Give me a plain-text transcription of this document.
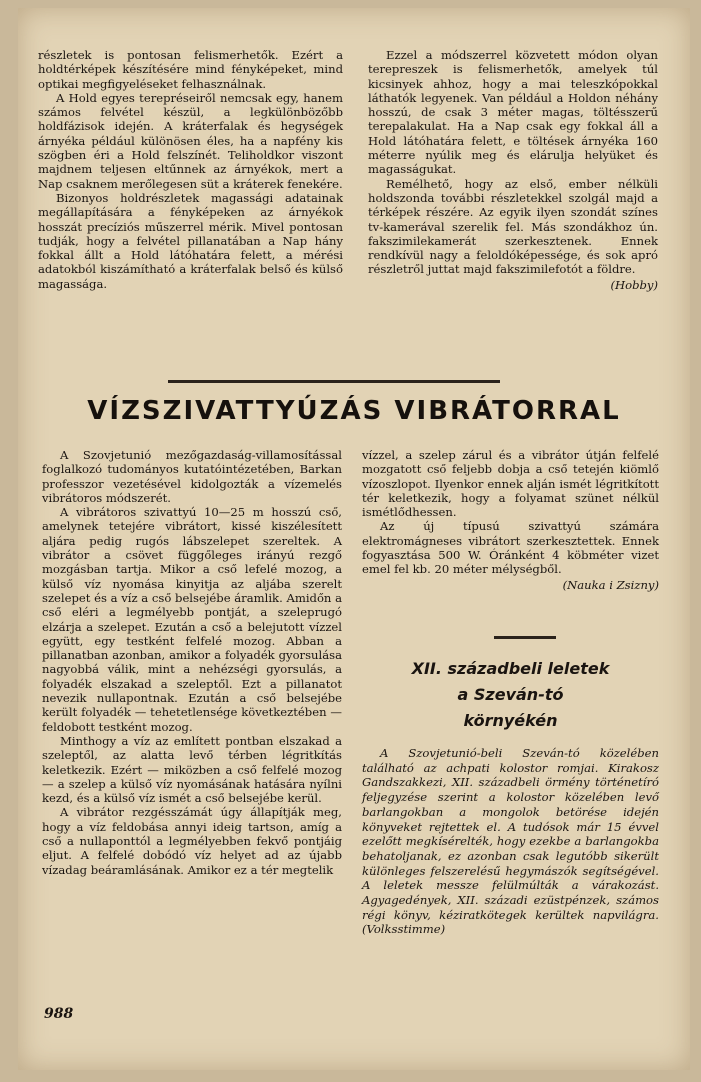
részletek is pontosan felismerhetők. Ezért a holdtérképek készítésére mind fényképeket, mind optikai megfigyeléseket felhasználnak.

A Hold egyes terepréseiről nemcsak egy, hanem számos felvétel készül, a legkülönbözőbb holdfázisok idején. A kráterfalak és hegységek árnyéka például különösen éles, ha a napfény kis szögben éri a Hold felszínét. Teliholdkor viszont majdnem teljesen eltűnnek az árnyékok, mert a Nap csaknem merőlegesen süt a kráterek fenekére.

Bizonyos holdrészletek magassági adatainak megállapítására a fényképeken az árnyékok hosszát precíziós műszerrel mérik. Mivel pontosan tudják, hogy a felvétel pillanatában a Nap hány fokkal állt a Hold látóhatára felett, a mérési adatokból kiszámítható a kráterfalak belső és külső magassága.

Ezzel a módszerrel közvetett módon olyan terepreszek is felismerhetők, amelyek túl kicsinyek ahhoz, hogy a mai teleszkópokkal láthatók legyenek. Van például a Holdon néhány hosszú, de csak 3 méter magas, töltésszerű terepalakulat. Ha a Nap csak egy fokkal áll a Hold látóhatára felett, e töltések árnyéka 160 méterre nyúlik meg és elárulja helyüket és magasságukat.

Remélhető, hogy az első, ember nélküli holdszonda további részletekkel szolgál majd a térképek részére. Az egyik ilyen szondát színes tv-kamerával szerelik fel. Más szondákhoz ún. fakszimilekamerát szerkesztenek. Ennek rendkívül nagy a feloldóképessége, és sok apró részletről juttat majd fakszimilefotót a földre.

(Hobby)
VÍZSZIVATTYÚZÁS VIBRÁTORRAL

A Szovjetunió mezőgazdaság-villamosítással foglalkozó tudományos kutatóintézetében, Barkan professzor vezetésével kidolgozták a vízemelés vibrátoros módszerét.

A vibrátoros szivattyú 10—25 m hosszú cső, amelynek tetejére vibrátort, kissé kiszélesített aljára pedig rugós lábszelepet szereltek. A vibrátor a csövet függőleges irányú rezgő mozgásban tartja. Mikor a cső lefelé mozog, a külső víz nyomása kinyitja az aljába szerelt szelepet és a víz a cső belsejébe áramlik. Amidőn a cső eléri a legmélyebb pontját, a szeleprugó elzárja a szelepet. Ezután a cső a belejutott vízzel együtt, egy testként felfelé mozog. Abban a pillanatban azonban, amikor a folyadék gyorsulása nagyobbá válik, mint a nehézségi gyorsulás, a folyadék elszakad a szeleptől. Ezt a pillanatot nevezik nullapontnak. Ezután a cső belsejébe került folyadék — tehetetlensége következtében — feldobott testként mozog.

Minthogy a víz az említett pontban elszakad a szeleptől, az alatta levő térben légritkítás keletkezik. Ezért — miközben a cső felfelé mozog — a szelep a külső víz nyomásának hatására nyílni kezd, és a külső víz ismét a cső belsejébe kerül.

A vibrátor rezgésszámát úgy állapítják meg, hogy a víz feldobása annyi ideig tartson, amíg a cső a nullaponttól a legmélyebben fekvő pontjáig eljut. A felfelé dobódó víz helyet ad az újabb vízadag beáramlásának. Amikor ez a tér megtelik

vízzel, a szelep zárul és a vibrátor útján felfelé mozgatott cső feljebb dobja a cső tetején kiömlő vízoszlopot. Ilyenkor ennek alján ismét légritkított tér keletkezik, hogy a folyamat szünet nélkül ismétlődhessen.

Az új típusú szivattyú számára elektromágneses vibrátort szerkesztettek. Ennek fogyasztása 500 W. Óránként 4 köbméter vizet emel fel kb. 20 méter mélységből.

(Nauka i Zsizny)
XII. századbeli leletek
a Szeván-tó
környékén

A Szovjetunió-beli Szeván-tó közelében található az achpati kolostor romjai. Kirakosz Gandszakkezi, XII. századbeli örmény történetíró feljegyzése szerint a kolostor közelében levő barlangokban a mongolok betörése idején könyveket rejtettek el. A tudósok már 15 évvel ezelőtt megkísérelték, hogy ezekbe a barlangokba behatoljanak, ez azonban csak legutóbb sikerült különleges felszerelésű hegymászók segítségével. A leletek messze felülmúlták a várakozást. Agyagedények, XII. századi ezüstpénzek, számos régi könyv, kéziratkötegek kerültek napvilágra. (Volksstimme)

988
